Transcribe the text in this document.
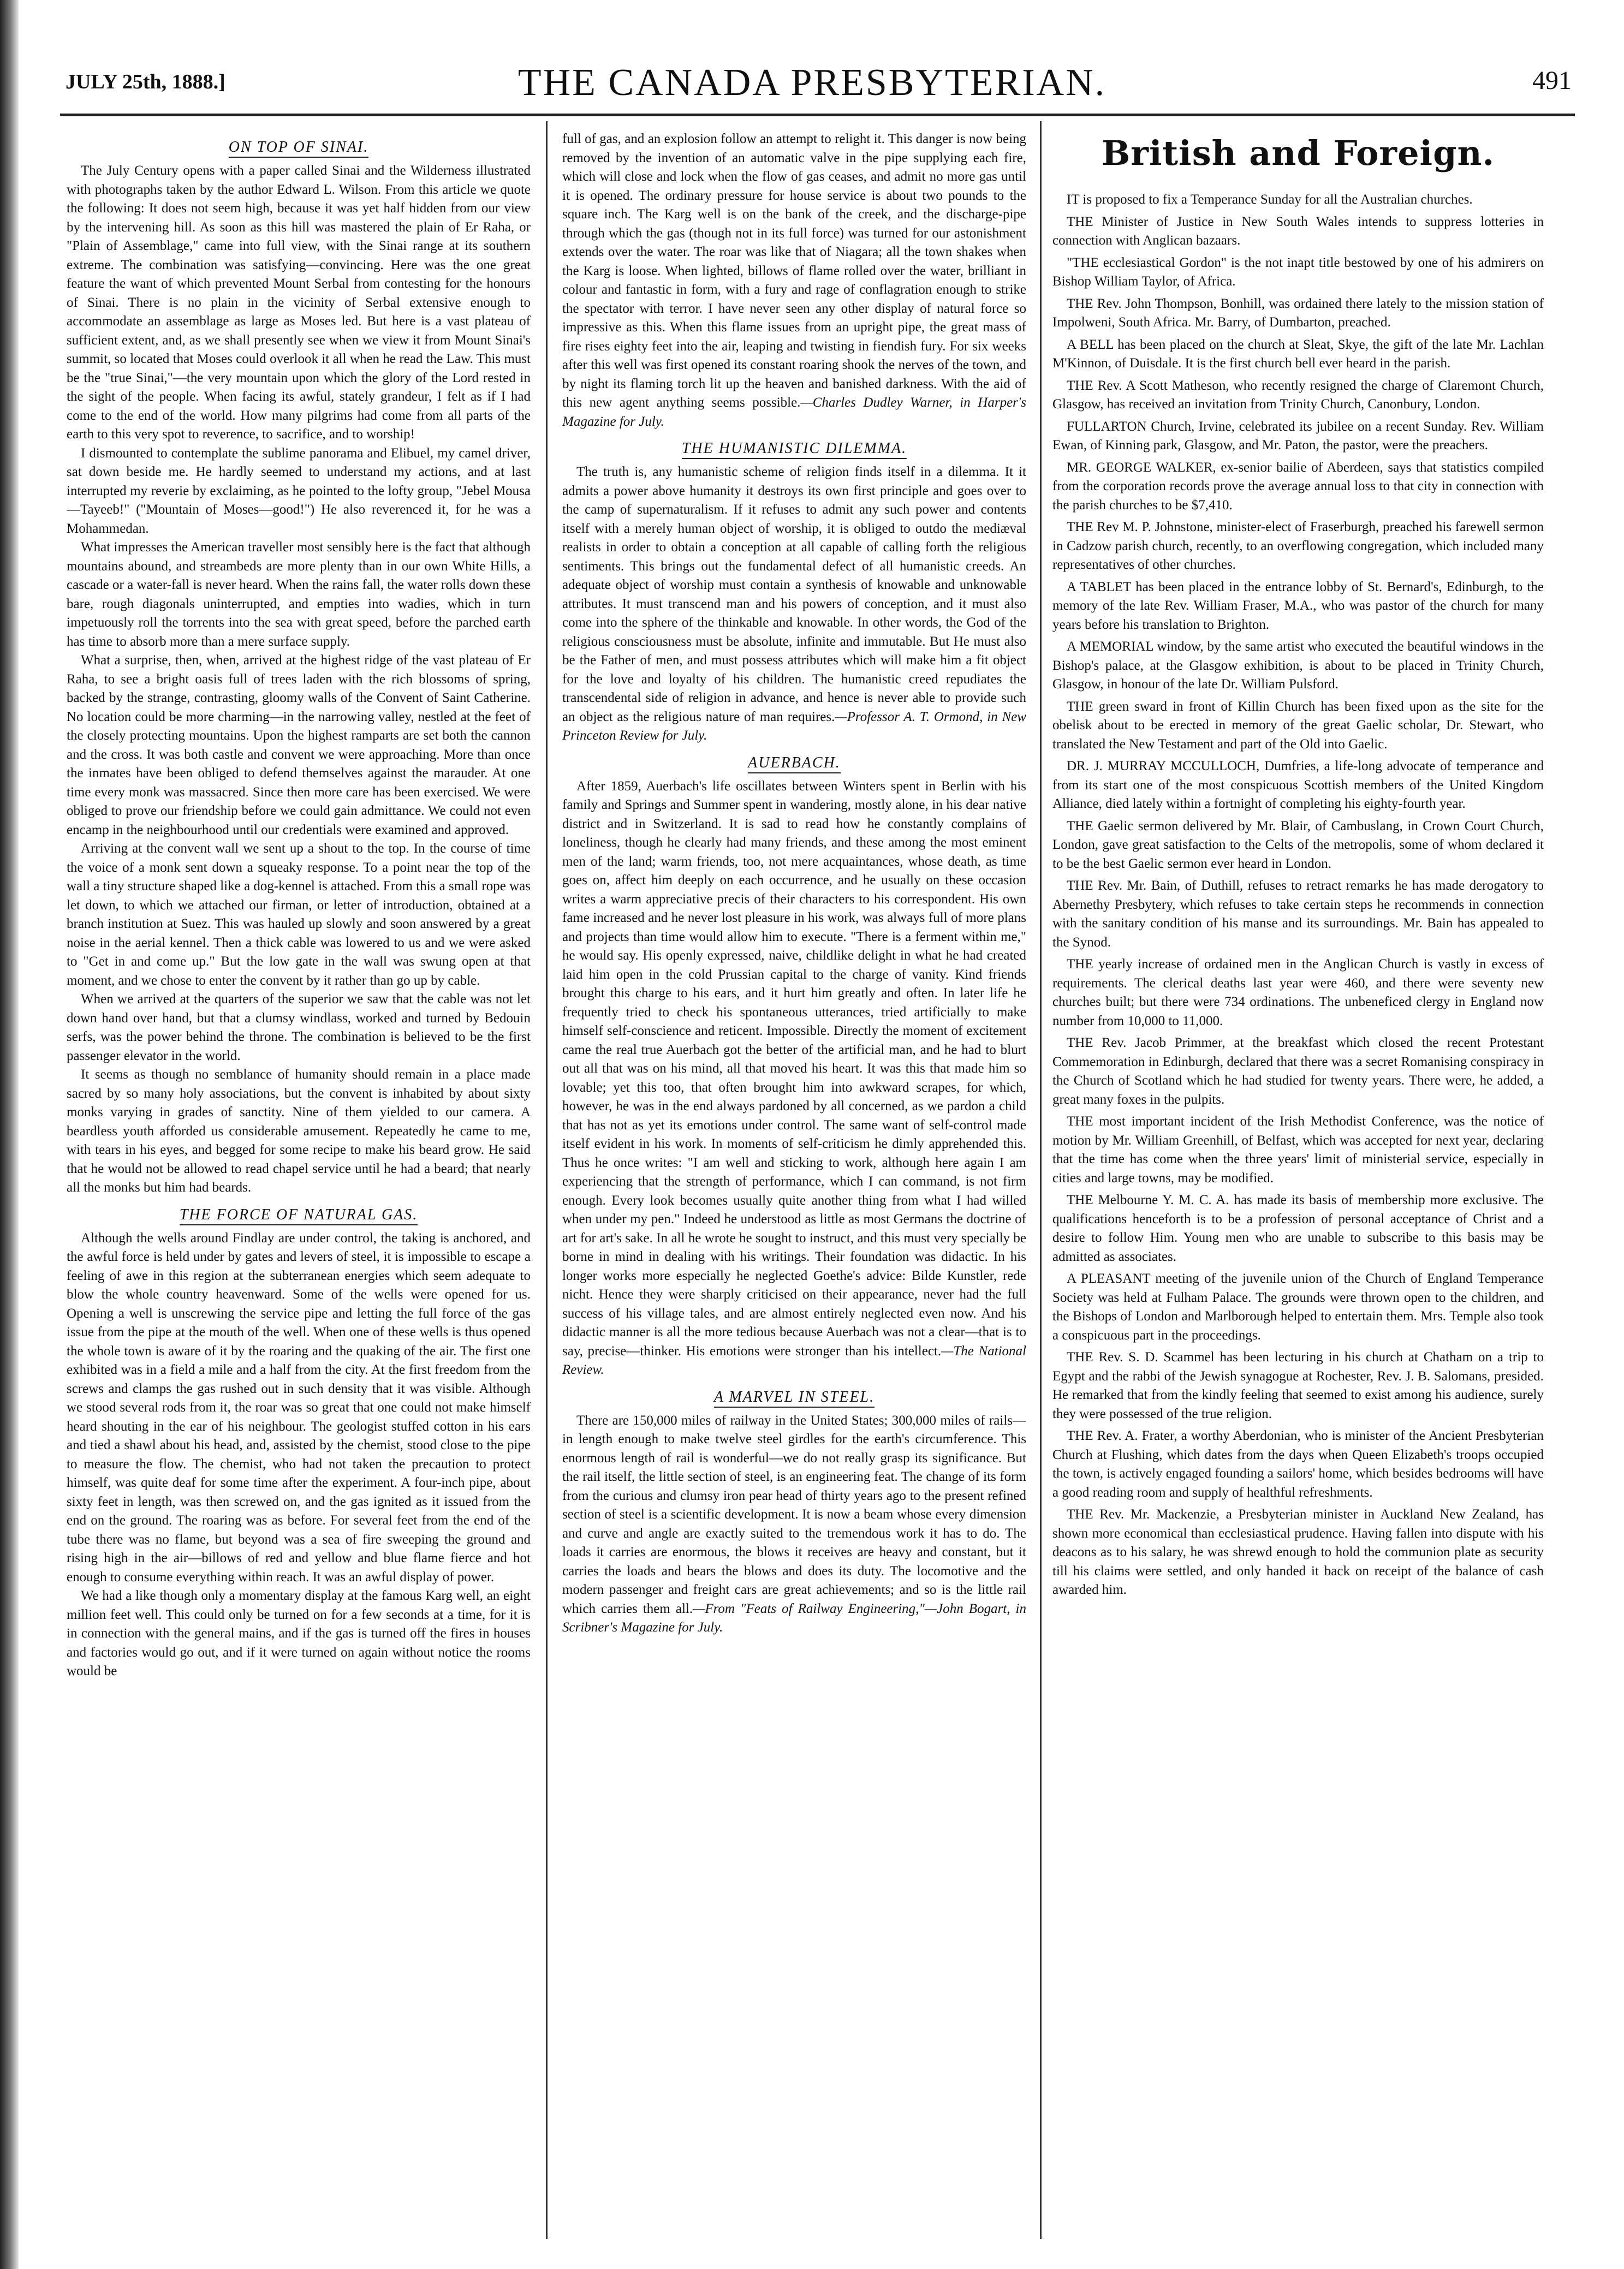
JULY 25th, 1888.]	THE CANADA PRESBYTERIAN.	491
ON TOP OF SINAI.

The July Century opens with a paper called Sinai and the Wilderness illustrated with photographs taken by the author Edward L. Wilson. From this article we quote the following: It does not seem high, because it was yet half hidden from our view by the intervening hill. As soon as this hill was mastered the plain of Er Raha, or "Plain of Assemblage," came into full view, with the Sinai range at its southern extreme. The combination was satisfying—convincing. Here was the one great feature the want of which prevented Mount Serbal from contesting for the honours of Sinai. There is no plain in the vicinity of Serbal extensive enough to accommodate an assemblage as large as Moses led. But here is a vast plateau of sufficient extent, and, as we shall presently see when we view it from Mount Sinai's summit, so located that Moses could overlook it all when he read the Law. This must be the "true Sinai,"—the very mountain upon which the glory of the Lord rested in the sight of the people. When facing its awful, stately grandeur, I felt as if I had come to the end of the world. How many pilgrims had come from all parts of the earth to this very spot to reverence, to sacrifice, and to worship!

I dismounted to contemplate the sublime panorama and Elibuel, my camel driver, sat down beside me. He hardly seemed to understand my actions, and at last interrupted my reverie by exclaiming, as he pointed to the lofty group, "Jebel Mousa—Tayeeb!" ("Mountain of Moses—good!") He also reverenced it, for he was a Mohammedan.

What impresses the American traveller most sensibly here is the fact that although mountains abound, and streambeds are more plenty than in our own White Hills, a cascade or a water-fall is never heard. When the rains fall, the water rolls down these bare, rough diagonals uninterrupted, and empties into wadies, which in turn impetuously roll the torrents into the sea with great speed, before the parched earth has time to absorb more than a mere surface supply.

What a surprise, then, when, arrived at the highest ridge of the vast plateau of Er Raha, to see a bright oasis full of trees laden with the rich blossoms of spring, backed by the strange, contrasting, gloomy walls of the Convent of Saint Catherine. No location could be more charming—in the narrowing valley, nestled at the feet of the closely protecting mountains. Upon the highest ramparts are set both the cannon and the cross. It was both castle and convent we were approaching. More than once the inmates have been obliged to defend themselves against the marauder. At one time every monk was massacred. Since then more care has been exercised. We were obliged to prove our friendship before we could gain admittance. We could not even encamp in the neighbourhood until our credentials were examined and approved.

Arriving at the convent wall we sent up a shout to the top. In the course of time the voice of a monk sent down a squeaky response. To a point near the top of the wall a tiny structure shaped like a dog-kennel is attached. From this a small rope was let down, to which we attached our firman, or letter of introduction, obtained at a branch institution at Suez. This was hauled up slowly and soon answered by a great noise in the aerial kennel. Then a thick cable was lowered to us and we were asked to "Get in and come up." But the low gate in the wall was swung open at that moment, and we chose to enter the convent by it rather than go up by cable.

When we arrived at the quarters of the superior we saw that the cable was not let down hand over hand, but that a clumsy windlass, worked and turned by Bedouin serfs, was the power behind the throne. The combination is believed to be the first passenger elevator in the world.

It seems as though no semblance of humanity should remain in a place made sacred by so many holy associations, but the convent is inhabited by about sixty monks varying in grades of sanctity. Nine of them yielded to our camera. A beardless youth afforded us considerable amusement. Repeatedly he came to me, with tears in his eyes, and begged for some recipe to make his beard grow. He said that he would not be allowed to read chapel service until he had a beard; that nearly all the monks but him had beards.

THE FORCE OF NATURAL GAS.

Although the wells around Findlay are under control, the taking is anchored, and the awful force is held under by gates and levers of steel, it is impossible to escape a feeling of awe in this region at the subterranean energies which seem adequate to blow the whole country heavenward. Some of the wells were opened for us. Opening a well is unscrewing the service pipe and letting the full force of the gas issue from the pipe at the mouth of the well. When one of these wells is thus opened the whole town is aware of it by the roaring and the quaking of the air. The first one exhibited was in a field a mile and a half from the city. At the first freedom from the screws and clamps the gas rushed out in such density that it was visible. Although we stood several rods from it, the roar was so great that one could not make himself heard shouting in the ear of his neighbour. The geologist stuffed cotton in his ears and tied a shawl about his head, and, assisted by the chemist, stood close to the pipe to measure the flow. The chemist, who had not taken the precaution to protect himself, was quite deaf for some time after the experiment. A four-inch pipe, about sixty feet in length, was then screwed on, and the gas ignited as it issued from the end on the ground. The roaring was as before. For several feet from the end of the tube there was no flame, but beyond was a sea of fire sweeping the ground and rising high in the air—billows of red and yellow and blue flame fierce and hot enough to consume everything within reach. It was an awful display of power.

We had a like though only a momentary display at the famous Karg well, an eight million feet well. This could only be turned on for a few seconds at a time, for it is in connection with the general mains, and if the gas is turned off the fires in houses and factories would go out, and if it were turned on again without notice the rooms would be

full of gas, and an explosion follow an attempt to relight it. This danger is now being removed by the invention of an automatic valve in the pipe supplying each fire, which will close and lock when the flow of gas ceases, and admit no more gas until it is opened. The ordinary pressure for house service is about two pounds to the square inch. The Karg well is on the bank of the creek, and the discharge-pipe through which the gas (though not in its full force) was turned for our astonishment extends over the water. The roar was like that of Niagara; all the town shakes when the Karg is loose. When lighted, billows of flame rolled over the water, brilliant in colour and fantastic in form, with a fury and rage of conflagration enough to strike the spectator with terror. I have never seen any other display of natural force so impressive as this. When this flame issues from an upright pipe, the great mass of fire rises eighty feet into the air, leaping and twisting in fiendish fury. For six weeks after this well was first opened its constant roaring shook the nerves of the town, and by night its flaming torch lit up the heaven and banished darkness. With the aid of this new agent anything seems possible.—Charles Dudley Warner, in Harper's Magazine for July.

THE HUMANISTIC DILEMMA.

The truth is, any humanistic scheme of religion finds itself in a dilemma. It it admits a power above humanity it destroys its own first principle and goes over to the camp of supernaturalism. If it refuses to admit any such power and contents itself with a merely human object of worship, it is obliged to outdo the mediæval realists in order to obtain a conception at all capable of calling forth the religious sentiments. This brings out the fundamental defect of all humanistic creeds. An adequate object of worship must contain a synthesis of knowable and unknowable attributes. It must transcend man and his powers of conception, and it must also come into the sphere of the thinkable and knowable. In other words, the God of the religious consciousness must be absolute, infinite and immutable. But He must also be the Father of men, and must possess attributes which will make him a fit object for the love and loyalty of his children. The humanistic creed repudiates the transcendental side of religion in advance, and hence is never able to provide such an object as the religious nature of man requires.—Professor A. T. Ormond, in New Princeton Review for July.

AUERBACH.

After 1859, Auerbach's life oscillates between Winters spent in Berlin with his family and Springs and Summer spent in wandering, mostly alone, in his dear native district and in Switzerland. It is sad to read how he constantly complains of loneliness, though he clearly had many friends, and these among the most eminent men of the land; warm friends, too, not mere acquaintances, whose death, as time goes on, affect him deeply on each occurrence, and he usually on these occasion writes a warm appreciative precis of their characters to his correspondent. His own fame increased and he never lost pleasure in his work, was always full of more plans and projects than time would allow him to execute. "There is a ferment within me," he would say. His openly expressed, naive, childlike delight in what he had created laid him open in the cold Prussian capital to the charge of vanity. Kind friends brought this charge to his ears, and it hurt him greatly and often. In later life he frequently tried to check his spontaneous utterances, tried artificially to make himself self-conscience and reticent. Impossible. Directly the moment of excitement came the real true Auerbach got the better of the artificial man, and he had to blurt out all that was on his mind, all that moved his heart. It was this that made him so lovable; yet this too, that often brought him into awkward scrapes, for which, however, he was in the end always pardoned by all concerned, as we pardon a child that has not as yet its emotions under control. The same want of self-control made itself evident in his work. In moments of self-criticism he dimly apprehended this. Thus he once writes: "I am well and sticking to work, although here again I am experiencing that the strength of performance, which I can command, is not firm enough. Every look becomes usually quite another thing from what I had willed when under my pen." Indeed he understood as little as most Germans the doctrine of art for art's sake. In all he wrote he sought to instruct, and this must very specially be borne in mind in dealing with his writings. Their foundation was didactic. In his longer works more especially he neglected Goethe's advice: Bilde Kunstler, rede nicht. Hence they were sharply criticised on their appearance, never had the full success of his village tales, and are almost entirely neglected even now. And his didactic manner is all the more tedious because Auerbach was not a clear—that is to say, precise—thinker. His emotions were stronger than his intellect.—The National Review.

A MARVEL IN STEEL.

There are 150,000 miles of railway in the United States; 300,000 miles of rails—in length enough to make twelve steel girdles for the earth's circumference. This enormous length of rail is wonderful—we do not really grasp its significance. But the rail itself, the little section of steel, is an engineering feat. The change of its form from the curious and clumsy iron pear head of thirty years ago to the present refined section of steel is a scientific development. It is now a beam whose every dimension and curve and angle are exactly suited to the tremendous work it has to do. The loads it carries are enormous, the blows it receives are heavy and constant, but it carries the loads and bears the blows and does its duty. The locomotive and the modern passenger and freight cars are great achievements; and so is the little rail which carries them all.—From "Feats of Railway Engineering,"—John Bogart, in Scribner's Magazine for July.

British and Foreign.

IT is proposed to fix a Temperance Sunday for all the Australian churches.

THE Minister of Justice in New South Wales intends to suppress lotteries in connection with Anglican bazaars.

"THE ecclesiastical Gordon" is the not inapt title bestowed by one of his admirers on Bishop William Taylor, of Africa.

THE Rev. John Thompson, Bonhill, was ordained there lately to the mission station of Impolweni, South Africa. Mr. Barry, of Dumbarton, preached.

A BELL has been placed on the church at Sleat, Skye, the gift of the late Mr. Lachlan M'Kinnon, of Duisdale. It is the first church bell ever heard in the parish.

THE Rev. A Scott Matheson, who recently resigned the charge of Claremont Church, Glasgow, has received an invitation from Trinity Church, Canonbury, London.

FULLARTON Church, Irvine, celebrated its jubilee on a recent Sunday. Rev. William Ewan, of Kinning park, Glasgow, and Mr. Paton, the pastor, were the preachers.

MR. GEORGE WALKER, ex-senior bailie of Aberdeen, says that statistics compiled from the corporation records prove the average annual loss to that city in connection with the parish churches to be $7,410.

THE Rev M. P. Johnstone, minister-elect of Fraserburgh, preached his farewell sermon in Cadzow parish church, recently, to an overflowing congregation, which included many representatives of other churches.

A TABLET has been placed in the entrance lobby of St. Bernard's, Edinburgh, to the memory of the late Rev. William Fraser, M.A., who was pastor of the church for many years before his translation to Brighton.

A MEMORIAL window, by the same artist who executed the beautiful windows in the Bishop's palace, at the Glasgow exhibition, is about to be placed in Trinity Church, Glasgow, in honour of the late Dr. William Pulsford.

THE green sward in front of Killin Church has been fixed upon as the site for the obelisk about to be erected in memory of the great Gaelic scholar, Dr. Stewart, who translated the New Testament and part of the Old into Gaelic.

DR. J. MURRAY MCCULLOCH, Dumfries, a life-long advocate of temperance and from its start one of the most conspicuous Scottish members of the United Kingdom Alliance, died lately within a fortnight of completing his eighty-fourth year.

THE Gaelic sermon delivered by Mr. Blair, of Cambuslang, in Crown Court Church, London, gave great satisfaction to the Celts of the metropolis, some of whom declared it to be the best Gaelic sermon ever heard in London.

THE Rev. Mr. Bain, of Duthill, refuses to retract remarks he has made derogatory to Abernethy Presbytery, which refuses to take certain steps he recommends in connection with the sanitary condition of his manse and its surroundings. Mr. Bain has appealed to the Synod.

THE yearly increase of ordained men in the Anglican Church is vastly in excess of requirements. The clerical deaths last year were 460, and there were seventy new churches built; but there were 734 ordinations. The unbeneficed clergy in England now number from 10,000 to 11,000.

THE Rev. Jacob Primmer, at the breakfast which closed the recent Protestant Commemoration in Edinburgh, declared that there was a secret Romanising conspiracy in the Church of Scotland which he had studied for twenty years. There were, he added, a great many foxes in the pulpits.

THE most important incident of the Irish Methodist Conference, was the notice of motion by Mr. William Greenhill, of Belfast, which was accepted for next year, declaring that the time has come when the three years' limit of ministerial service, especially in cities and large towns, may be modified.

THE Melbourne Y. M. C. A. has made its basis of membership more exclusive. The qualifications henceforth is to be a profession of personal acceptance of Christ and a desire to follow Him. Young men who are unable to subscribe to this basis may be admitted as associates.

A PLEASANT meeting of the juvenile union of the Church of England Temperance Society was held at Fulham Palace. The grounds were thrown open to the children, and the Bishops of London and Marlborough helped to entertain them. Mrs. Temple also took a conspicuous part in the proceedings.

THE Rev. S. D. Scammel has been lecturing in his church at Chatham on a trip to Egypt and the rabbi of the Jewish synagogue at Rochester, Rev. J. B. Salomans, presided. He remarked that from the kindly feeling that seemed to exist among his audience, surely they were possessed of the true religion.

THE Rev. A. Frater, a worthy Aberdonian, who is minister of the Ancient Presbyterian Church at Flushing, which dates from the days when Queen Elizabeth's troops occupied the town, is actively engaged founding a sailors' home, which besides bedrooms will have a good reading room and supply of healthful refreshments.

THE Rev. Mr. Mackenzie, a Presbyterian minister in Auckland New Zealand, has shown more economical than ecclesiastical prudence. Having fallen into dispute with his deacons as to his salary, he was shrewd enough to hold the communion plate as security till his claims were settled, and only handed it back on receipt of the balance of cash awarded him.
